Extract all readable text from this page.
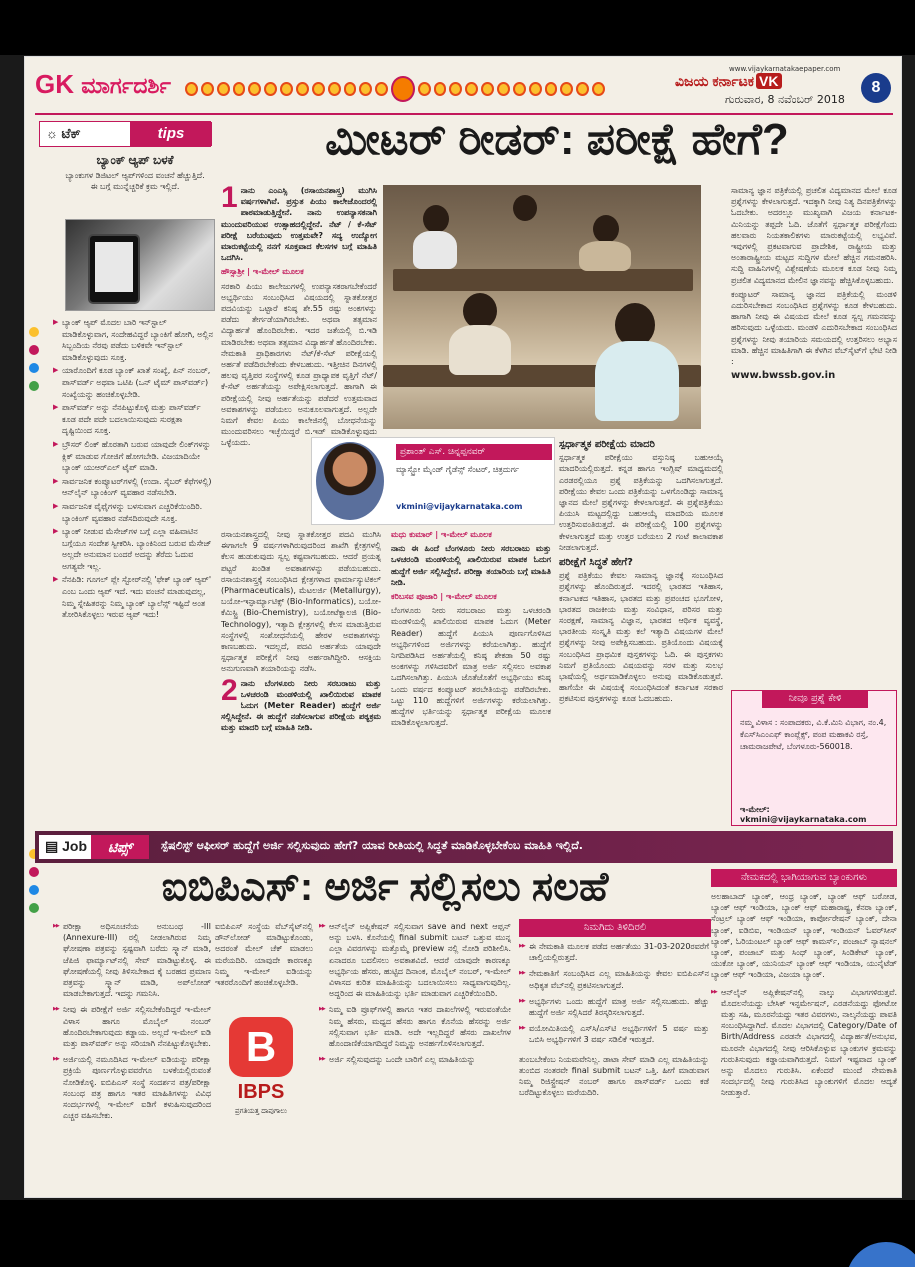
GK ಮಾರ್ಗದರ್ಶಿ
www.vijaykarnatakaepaper.com
ವಿಜಯ ಕರ್ನಾಟಕ VK
ಗುರುವಾರ, 8 ನವೆಂಬರ್ 2018
8
☼ ಟೆಕ್	tips
ಬ್ಯಾಂಕ್ ಆ್ಯಪ್ ಬಳಕೆ
ಬ್ಯಾಂಕುಗಳ ಡಿಜಿಟಲ್ ಆ್ಯಪ್‌ಗಳಿಂದ ವಂಚನೆ ಹೆಚ್ಚುತ್ತಿದೆ. ಈ ಬಗ್ಗೆ ಮುನ್ನೆಚ್ಚರಿಕೆ ಕ್ರಮ ಇಲ್ಲಿದೆ.
▶ ಬ್ಯಾಂಕ್ ಆ್ಯಪ್ ಮೊದಲ ಬಾರಿ ಇನ್‌ಸ್ಟಾಲ್ ಮಾಡಿಕೊಳ್ಳುವಾಗ, ಸಂದೇಹವಿದ್ದರೆ ಬ್ಯಾಂಕಿಗೆ ಹೋಗಿ, ಅಲ್ಲಿನ ಸಿಬ್ಬಂದಿಯ ನೆರವು ಪಡೆದು ಬಳಿಕವೇ ಇನ್‌ಸ್ಟಾಲ್ ಮಾಡಿಕೊಳ್ಳುವುದು ಸೂಕ್ತ.
▶ ಯಾರೊಂದಿಗೆ ಕೂಡ ಬ್ಯಾಂಕ್ ಖಾತೆ ಸಂಖ್ಯೆ, ಪಿನ್ ನಂಬರ್, ಪಾಸ್‌ವರ್ಡ್ ಅಥವಾ ಒಟಿಪಿ (ಒನ್ ಟೈಮ್ ಪಾಸ್‌ವರ್ಡ್) ಸಂಖ್ಯೆಯನ್ನು ಹಂಚಿಕೊಳ್ಳಬೇಡಿ.
▶ ಪಾಸ್‌ವರ್ಡ್ ಅನ್ನು ನೆನಪಿಟ್ಟುಕೊಳ್ಳಿ ಮತ್ತು ಪಾಸ್‌ವರ್ಡ್ ಕೂಡ ಪದೇ ಪದೇ ಬದಲಾಯಿಸುವುದು ಸುರಕ್ಷತಾ ದೃಷ್ಟಿಯಿಂದ ಸೂಕ್ತ.
▶ ಬ್ರೌಸರ್ ಲಿಂಕ್ ಹೊರತಾಗಿ ಬರುವ ಯಾವುದೇ ಲಿಂಕ್‌ಗಳನ್ನು ಕ್ಲಿಕ್ ಮಾಡುವ ಗೋಜಿಗೆ ಹೋಗಬೇಡಿ. ವಿಜಯಾದಿಯೇ ಬ್ಯಾಂಕ್ ಯುಆರ್‌ಎಲ್ ಟೈಪ್ ಮಾಡಿ.
▶ ಸಾರ್ವಜನಿಕ ಕಂಪ್ಯೂಟರ್‌ಗಳಲ್ಲಿ (ಉದಾ. ಸೈಬರ್ ಕೆಫೆಗಳಲ್ಲಿ) ಆನ್‌ಲೈನ್ ಬ್ಯಾಂಕಿಂಗ್ ವ್ಯವಹಾರ ನಡೆಸಬೇಡಿ.
▶ ಸಾರ್ವಜನಿಕ ವೈಫೈಗಳನ್ನು ಬಳಸುವಾಗ ಎಚ್ಚರಿಕೆಯಿಂದಿರಿ. ಬ್ಯಾಂಕಿಂಗ್ ವ್ಯವಹಾರ ನಡೆಸದಿರುವುದೇ ಸೂಕ್ತ.
▶ ಬ್ಯಾಂಕ್ ನೀಡುವ ಮೆಸೇಜ್‌ಗಳ ಬಗ್ಗೆ ಎಲ್ಲಾ ವಹಿವಾಟಿನ ಬಗ್ಗೆಯೂ ಸಂದೇಶ ಸ್ವೀಕರಿಸಿ. ಬ್ಯಾಂಕಿನಿಂದ ಬರುವ ಮೆಸೇಜ್ ಅಲ್ಲದೇ ಅನುಮಾನ ಬಂದರೆ ಅದನ್ನು ತೆರೆದು ಓದುವ ಅಗತ್ಯವೇ ಇಲ್ಲ.
▶ ನೆನಪಿಡಿ: ಗೂಗಲ್ ಪ್ಲೇ ಸ್ಟೋರ್‌ನಲ್ಲಿ 'ಫೇಕ್ ಬ್ಯಾಂಕ್ ಆ್ಯಪ್' ಎಂಬ ಒಂದು ಆ್ಯಪ್ ಇದೆ. ಇದು ವಂಚನೆ ಮಾಡುವುದಲ್ಲ, ನಿಮ್ಮ ಸ್ನೇಹಿತರನ್ನು ನಿಮ್ಮ ಬ್ಯಾಂಕ್ ಬ್ಯಾಲೆನ್ಸ್ ಇಷ್ಟಿದೆ ಅಂತ ತೋರಿಸಿಕೊಳ್ಳಲು ಇರುವ ಆ್ಯಪ್ ಇದು!
ಮೀಟರ್ ರೀಡರ್: ಪರೀಕ್ಷೆ ಹೇಗೆ?

1 ನಾನು ಎಂಎಸ್ಸಿ (ರಸಾಯನಶಾಸ್ತ್ರ) ಮುಗಿಸಿ ವರ್ಷಗಳಾಗಿವೆ. ಪ್ರಸ್ತುತ ಪಿಯು ಕಾಲೇಜೊಂದರಲ್ಲಿ ಪಾಠಮಾಡುತ್ತಿದ್ದೇನೆ. ನಾನು ಉಪನ್ಯಾಸಕನಾಗಿ ಮುಂದುವರಿಯುವ ಉತ್ಸಾಹದಲ್ಲಿದ್ದೇನೆ. ನೆಟ್ / ಕೆ-ಸೆಟ್ ಪರೀಕ್ಷೆ ಬರೆಯುವುದು ಉತ್ತಮವೇ? ಸದ್ಯ ಉದ್ಯೋಗ ಮಾರುಕಟ್ಟೆಯಲ್ಲಿ ನನಗೆ ಸೂಕ್ತವಾದ ಕೆಲಸಗಳ ಬಗ್ಗೆ ಮಾಹಿತಿ ಒದಗಿಸಿ.

ಹೌಸ್ಸಾಶ್ರೀ | ಇ-ಮೇಲ್ ಮೂಲಕ

ಸರಕಾರಿ ಪಿಯು ಕಾಲೇಜುಗಳಲ್ಲಿ ಉಪನ್ಯಾಸಕರಾಗಬೇಕೆಂದರೆ ಅಭ್ಯರ್ಥಿಯು ಸಂಬಂಧಿಸಿದ ವಿಷಯದಲ್ಲಿ ಸ್ನಾತಕೋತ್ತರ ಪದವಿಯನ್ನು ಒಟ್ಟಾರೆ ಕನಿಷ್ಠ ಶೇ.55 ರಷ್ಟು ಅಂಕಗಳನ್ನು ಪಡೆದು ತೇರ್ಗಡೆಯಾಗಿರಬೇಕು. ಅಥವಾ ತತ್ಸಮಾನ ವಿದ್ಯಾರ್ಹತೆ ಹೊಂದಿರಬೇಕು. ಇದರ ಜತೆಯಲ್ಲಿ ಬಿ.ಇಡಿ ಮಾಡಿರಬೇಕು ಅಥವಾ ತತ್ಸಮಾನ ವಿದ್ಯಾರ್ಹತೆ ಹೊಂದಿರಬೇಕು. ನೇಮಕಾತಿ ಪ್ರಾಧಿಕಾರಗಳು ನೆಟ್/ಕೆ-ಸೆಟ್ ಪರೀಕ್ಷೆಯಲ್ಲಿ ಅರ್ಹತೆ ಪಡೆದಿರಬೇಕೆಂದು ಕೇಳಬಹುದು. ಇತ್ತೀಚಿನ ದಿನಗಳಲ್ಲಿ ಹಲವು ವೃತ್ತಿಪರ ಸಂಸ್ಥೆಗಳಲ್ಲಿ ಕೂಡ ಪ್ರಾಧ್ಯಾಪಕ ವೃತ್ತಿಗೆ ನೆಟ್/ಕೆ-ಸೆಟ್ ಅರ್ಹತೆಯನ್ನು ಅಪೇಕ್ಷಿಸಲಾಗುತ್ತದೆ. ಹಾಗಾಗಿ ಈ ಪರೀಕ್ಷೆಯಲ್ಲಿ ನೀವು ಅರ್ಹತೆಯನ್ನು ಪಡೆದರೆ ಉತ್ತಮವಾದ ಅವಕಾಶಗಳನ್ನು ಪಡೆಯಲು ಅನುಕೂಲವಾಗುತ್ತದೆ. ಅಲ್ಲದೇ ನಿಮಗೆ ಕೇವಲ ಪಿಯು ಕಾಲೇಜಿನಲ್ಲಿ ಬೋಧನೆಯನ್ನು ಮುಂದುವರಿಸಲು ಇಚ್ಛೆಯಿದ್ದರೆ ಬಿ.ಇಡ್ ಮಾಡಿಕೊಳ್ಳುವುದು ಒಳ್ಳೆಯದು.

ಪ್ರಶಾಂತ್ ಎಸ್. ಚಿನ್ನಪ್ಪನವರ್
ಮ್ಯಾಸ್ಟ್ರೋ ಮೈಂಡ್ ಗೈಡೆನ್ಸ್ ಸೆಂಟರ್, ಚಿತ್ರದುರ್ಗ
vkmini@vijaykarnataka.com

ರಸಾಯನಶಾಸ್ತ್ರದಲ್ಲಿ ನೀವು ಸ್ನಾತಕೋತ್ತರ ಪದವಿ ಮುಗಿಸಿ ಈಗಾಗಲೇ 9 ವರ್ಷಗಳಾಗಿರುವುದರಿಂದ ಶಾಖೆಗಿ ಕ್ಷೇತ್ರಗಳಲ್ಲಿ ಕೆಲಸ ಹುಡುಕುವುದು ಸ್ವಲ್ಪ ಕಷ್ಟವಾಗಬಹುದು. ಆದರೆ ಪ್ರಯತ್ನ ಪಟ್ಟರೆ ಖಂಡಿತ ಅವಕಾಶಗಳನ್ನು ಪಡೆಯಬಹುದು. ರಸಾಯನಶಾಸ್ತ್ರಕ್ಕೆ ಸಂಬಂಧಿಸಿದ ಕ್ಷೇತ್ರಗಳಾದ ಫಾರ್ಮಾಸ್ಯುಟಿಕಲ್ (Pharmaceuticals), ಮೆಟಲರ್ಜಿ (Metallurgy), ಬಯೋ-ಇನ್ಫಾರ್ಮ್ಯಾಟಿಕ್ಸ್ (Bio-Informatics), ಬಯೋ-ಕೆಮಿಸ್ಟ್ರಿ (Bio-Chemistry), ಬಯೋಟೆಕ್ನಾಲಜಿ (Bio-Technology), ಇತ್ಯಾದಿ ಕ್ಷೇತ್ರಗಳಲ್ಲಿ ಕೆಲಸ ಮಾಡುತ್ತಿರುವ ಸಂಸ್ಥೆಗಳಲ್ಲಿ ಸಂಶೋಧನೆಯಲ್ಲಿ ಹೇರಳ ಅವಕಾಶಗಳನ್ನು ಕಾಣಬಹುದು. ಇದಲ್ಲದೆ, ಪದವಿ ಅರ್ಹತೆಯ ಯಾವುದೇ ಸ್ಪರ್ಧಾತ್ಮಕ ಪರೀಕ್ಷೆಗೆ ನೀವು ಅರ್ಹರಾಗಿದ್ದೀರಿ. ಆಸಕ್ತಿಯ ಅನುಗುಣವಾಗಿ ತಯಾರಿಯನ್ನು ನಡೆಸಿ.

2 ನಾನು ಬೆಂಗಳೂರು ನೀರು ಸರಬರಾಜು ಮತ್ತು ಒಳಚರಂಡಿ ಮಂಡಳಿಯಲ್ಲಿ ಖಾಲಿಯಿರುವ ಮಾಪಕ ಓದುಗ (Meter Reader) ಹುದ್ದೆಗೆ ಅರ್ಜಿ ಸಲ್ಲಿಸಿದ್ದೇನೆ. ಈ ಹುದ್ದೆಗೆ ನಡೆಸಲಾಗುವ ಪರೀಕ್ಷೆಯ ಪಠ್ಯಕ್ರಮ ಮತ್ತು ಮಾದರಿ ಬಗ್ಗೆ ಮಾಹಿತಿ ನೀಡಿ.

ಮಧು ಕುಮಾರ್ | ಇ-ಮೇಲ್ ಮೂಲಕ

ನಾನು ಈ ಹಿಂದೆ ಬೆಂಗಳೂರು ನೀರು ಸರಬರಾಜು ಮತ್ತು ಒಳಚರಂಡಿ ಮಂಡಳಿಯಲ್ಲಿ ಖಾಲಿಯಿರುವ ಮಾಪಕ ಓದುಗ ಹುದ್ದೆಗೆ ಅರ್ಜಿ ಸಲ್ಲಿಸಿದ್ದೇನೆ. ಪರೀಕ್ಷಾ ತಯಾರಿಯ ಬಗ್ಗೆ ಮಾಹಿತಿ ನೀಡಿ.

ಕರಿಬಸವ ಪೂಜಾರಿ | ಇ-ಮೇಲ್ ಮೂಲಕ

ಬೆಂಗಳೂರು ನೀರು ಸರಬರಾಜು ಮತ್ತು ಒಳಚರಂಡಿ ಮಂಡಳಿಯಲ್ಲಿ ಖಾಲಿಯಿರುವ ಮಾಪಕ ಓದುಗ (Meter Reader) ಹುದ್ದೆಗೆ ಪಿಯುಸಿ ಪೂರ್ಣಗೊಳಿಸಿದ ಅಭ್ಯರ್ಥಿಗಳಿಂದ ಅರ್ಜಿಗಳನ್ನು ಕರೆಯಲಾಗಿತ್ತು. ಹುದ್ದೆಗೆ ನಿಗದಿಪಡಿಸಿದ ಅರ್ಹತೆಯಲ್ಲಿ ಕನಿಷ್ಠ ಶೇಕಡಾ 50 ರಷ್ಟು ಅಂಕಗಳನ್ನು ಗಳಿಸಿದವರಿಗೆ ಮಾತ್ರ ಅರ್ಜಿ ಸಲ್ಲಿಸಲು ಅವಕಾಶ ಒದಗಿಸಲಾಗಿತ್ತು. ಪಿಯುಸಿ ಜೊತೆಜೊತೆಗೆ ಅಭ್ಯರ್ಥಿಯು ಕನಿಷ್ಠ ಒಂದು ವರ್ಷದ ಕಂಪ್ಯೂಟರ್ ತರಬೇತಿಯನ್ನು ಪಡೆದಿರಬೇಕು. ಒಟ್ಟು 110 ಹುದ್ದೆಗಳಿಗೆ ಅರ್ಜಿಗಳನ್ನು ಕರೆಯಲಾಗಿತ್ತು. ಹುದ್ದೆಗಳ ಭರ್ತಿಯನ್ನು ಸ್ಪರ್ಧಾತ್ಮಕ ಪರೀಕ್ಷೆಯ ಮೂಲಕ ಮಾಡಿಕೊಳ್ಳಲಾಗುತ್ತದೆ.

ಸ್ಪರ್ಧಾತ್ಮಕ ಪರೀಕ್ಷೆಯ ಮಾದರಿ

ಸ್ಪರ್ಧಾತ್ಮಕ ಪರೀಕ್ಷೆಯು ವಸ್ತುನಿಷ್ಠ ಬಹುಆಯ್ಕೆ ಮಾದರಿಯಲ್ಲಿರುತ್ತದೆ. ಕನ್ನಡ ಹಾಗೂ ಇಂಗ್ಲಿಷ್ ಮಾಧ್ಯಮದಲ್ಲಿ ಎರಡರಲ್ಲಿಯೂ ಪ್ರಶ್ನೆ ಪತ್ರಿಕೆಯನ್ನು ಒದಗಿಸಲಾಗುತ್ತದೆ. ಪರೀಕ್ಷೆಯು ಕೇವಲ ಒಂದು ಪತ್ರಿಕೆಯನ್ನು ಒಳಗೊಂಡಿದ್ದು ಸಾಮಾನ್ಯ ಜ್ಞಾನದ ಮೇಲೆ ಪ್ರಶ್ನೆಗಳನ್ನು ಕೇಳಲಾಗುತ್ತದೆ. ಈ ಪ್ರಶ್ನೆಪತ್ರಿಕೆಯು ಪಿಯುಸಿ ಮಟ್ಟದಲ್ಲಿದ್ದು ಬಹುಆಯ್ಕೆ ಮಾದರಿಯ ಮೂಲಕ ಉತ್ತರಿಸುವಂತಿರುತ್ತದೆ. ಈ ಪರೀಕ್ಷೆಯಲ್ಲಿ 100 ಪ್ರಶ್ನೆಗಳನ್ನು ಕೇಳಲಾಗುತ್ತದೆ ಮತ್ತು ಉತ್ತರ ಬರೆಯಲು 2 ಗಂಟೆ ಕಾಲಾವಕಾಶ ನೀಡಲಾಗುತ್ತದೆ.

ಪರೀಕ್ಷೆಗೆ ಸಿದ್ಧತೆ ಹೇಗೆ?

ಪ್ರಶ್ನೆ ಪತ್ರಿಕೆಯು ಕೇವಲ ಸಾಮಾನ್ಯ ಜ್ಞಾನಕ್ಕೆ ಸಂಬಂಧಿಸಿದ ಪ್ರಶ್ನೆಗಳನ್ನು ಹೊಂದಿರುತ್ತದೆ. ಇದರಲ್ಲಿ ಭಾರತದ ಇತಿಹಾಸ, ಕರ್ನಾಟಕದ ಇತಿಹಾಸ, ಭಾರತದ ಮತ್ತು ಪ್ರಪಂಚದ ಭೂಗೋಳ, ಭಾರತದ ರಾಜಕೀಯ ಮತ್ತು ಸಂವಿಧಾನ, ಪರಿಸರ ಮತ್ತು ಸಂರಕ್ಷಣೆ, ಸಾಮಾನ್ಯ ವಿಜ್ಞಾನ, ಭಾರತದ ಆರ್ಥಿಕ ವ್ಯವಸ್ಥೆ, ಭಾರತೀಯ ಸಂಸ್ಕೃತಿ ಮತ್ತು ಕಲೆ ಇತ್ಯಾದಿ ವಿಷಯಗಳ ಮೇಲೆ ಪ್ರಶ್ನೆಗಳನ್ನು ನೀವು ಅಪೇಕ್ಷಿಸಬಹುದು. ಪ್ರತಿಯೊಂದು ವಿಷಯಕ್ಕೆ ಸಂಬಂಧಿಸಿದ ಪ್ರಾಥಮಿಕ ಪುಸ್ತಕಗಳನ್ನು ಓದಿ. ಈ ಪುಸ್ತಕಗಳು ನಿಮಗೆ ಪ್ರತಿಯೊಂದು ವಿಷಯವನ್ನು ಸರಳ ಮತ್ತು ಸುಲಭ ಭಾಷೆಯಲ್ಲಿ ಅರ್ಥಮಾಡಿಕೊಳ್ಳಲು ಅನುವು ಮಾಡಿಕೊಡುತ್ತವೆ. ಹಾಗೆಯೇ ಈ ವಿಷಯಕ್ಕೆ ಸಂಬಂಧಿಸಿದಂತೆ ಕರ್ನಾಟಕ ಸರಕಾರ ಪ್ರಕಟಿಸುವ ಪುಸ್ತಕಗಳನ್ನು ಕೂಡ ಓದಬಹುದು.

ಸಾಮಾನ್ಯ ಜ್ಞಾನ ಪತ್ರಿಕೆಯಲ್ಲಿ ಪ್ರಚಲಿತ ವಿದ್ಯಮಾನದ ಮೇಲೆ ಕೂಡ ಪ್ರಶ್ನೆಗಳನ್ನು ಕೇಳಲಾಗುತ್ತದೆ. ಇದಕ್ಕಾಗಿ ನೀವು ನಿತ್ಯ ದಿನಪತ್ರಿಕೆಗಳನ್ನು ಓದಬೇಕು. ಅದರಲ್ಲೂ ಮುಖ್ಯವಾಗಿ ವಿಜಯ ಕರ್ನಾಟಕ-ಮಿನಿಯನ್ನು ತಪ್ಪದೇ ಓದಿ. ಜೊತೆಗೆ ಸ್ಪರ್ಧಾತ್ಮಕ ಪರೀಕ್ಷೆಗೆಂದು ಹಲವಾರು ನಿಯತಕಾಲಿಕಗಳು ಮಾರುಕಟ್ಟೆಯಲ್ಲಿ ಲಭ್ಯವಿವೆ. ಇವುಗಳಲ್ಲಿ ಪ್ರಕಟವಾಗುವ ಪ್ರಾದೇಶಿಕ, ರಾಷ್ಟ್ರೀಯ ಮತ್ತು ಅಂತಾರಾಷ್ಟ್ರೀಯ ಮಟ್ಟದ ಸುದ್ದಿಗಳ ಮೇಲೆ ಹೆಚ್ಚಿನ ಗಮನಹರಿಸಿ. ಸುದ್ದಿ ವಾಹಿನಿಗಳಲ್ಲಿ ವಿಶ್ಲೇಷಣೆಯ ಮೂಲಕ ಕೂಡ ನೀವು ನಿಮ್ಮ ಪ್ರಚಲಿತ ವಿದ್ಯಮಾನದ ಮೇಲಿನ ಜ್ಞಾನವನ್ನು ಹೆಚ್ಚಿಸಿಕೊಳ್ಳಬಹುದು.

ಕಂಪ್ಯೂಟರ್ ಸಾಮಾನ್ಯ ಜ್ಞಾನದ ಪತ್ರಿಕೆಯಲ್ಲಿ ಮಂಡಳಿ ಎದುರಿಸಬೇಕಾದ ಸಂಬಂಧಿಸಿದ ಪ್ರಶ್ನೆಗಳನ್ನು ಕೂಡ ಕೇಳಬಹುದು. ಹಾಗಾಗಿ ನೀವು ಈ ವಿಷಯದ ಮೇಲೆ ಕೂಡ ಸ್ವಲ್ಪ ಗಮನವನ್ನು ಹರಿಸುವುದು ಒಳ್ಳೆಯದು. ಮಂಡಳಿ ಎದುರಿಸಬೇಕಾದ ಸಂಬಂಧಿಸಿದ ಪ್ರಶ್ನೆಗಳನ್ನು ನೀವು ತಯಾರಿಯ ಸಮಯದಲ್ಲಿ ಉತ್ತರಿಸಲು ಅಭ್ಯಾಸ ಮಾಡಿ. ಹೆಚ್ಚಿನ ಮಾಹಿತಿಗಾಗಿ ಈ ಕೆಳಗಿನ ವೆಬ್‌ಸೈಟ್‌ಗೆ ಭೇಟಿ ನೀಡಿ :

www.bwssb.gov.in

ನೀವೂ ಪ್ರಶ್ನೆ ಕೇಳಿ
ನಮ್ಮ ವಿಳಾಸ : ಸಂಪಾದಕರು, ವಿ.ಕೆ.ಮಿನಿ ವಿಭಾಗ, ನಂ.4, ಕೆಎಸ್‌ಸಿಎಂಎಫ್ ಕಾಂಪ್ಲೆಕ್ಸ್, ಪಂಪ ಮಹಾಕವಿ ರಸ್ತೆ, ಚಾಮರಾಜಪೇಟೆ, ಬೆಂಗಳೂರು-560018.
ಇ-ಮೇಲ್: vkmini@vijaykarnataka.com
▤ Job	ಟಿಪ್ಸ್	ಸ್ಪೆಷಲಿಸ್ಟ್ ಆಫೀಸರ್ ಹುದ್ದೆಗೆ ಅರ್ಜಿ ಸಲ್ಲಿಸುವುದು ಹೇಗೆ? ಯಾವ ರೀತಿಯಲ್ಲಿ ಸಿದ್ಧತೆ ಮಾಡಿಕೊಳ್ಳಬೇಕೆಂಬ ಮಾಹಿತಿ ಇಲ್ಲಿದೆ.
ಐಬಿಪಿಎಸ್: ಅರ್ಜಿ ಸಲ್ಲಿಸಲು ಸಲಹೆ
▶▶ ಪರೀಕ್ಷಾ ಅಧಿಸೂಚನೆಯ ಅನುಬಂಧ -III (Annexure-III) ರಲ್ಲಿ ನೀಡಲಾಗಿರುವ ನಿಮ್ಮ ಘೋಷಣಾ ಪತ್ರವನ್ನು ಸ್ಪಷ್ಟವಾಗಿ ಬರೆದು ಸ್ಕ್ಯಾನ್ ಮಾಡಿ, ಜೆಪಿಜಿ ಫಾರ್ಮ್ಯಾಟ್‌ನಲ್ಲಿ ಸೇವ್ ಮಾಡಿಟ್ಟುಕೊಳ್ಳಿ. ಈ ಘೋಷಣೆಯಲ್ಲಿ ನೀವು ತಿಳಿಸಬೇಕಾದ ಕೈ ಬರಹದ ಪ್ರಮಾಣ ಪತ್ರವನ್ನು ಸ್ಕ್ಯಾನ್ ಮಾಡಿ, ಅಪ್‌ಲೋಡ್ ಮಾಡಬೇಕಾಗುತ್ತದೆ. ಇದನ್ನು ಗಮನಿಸಿ.
▶▶ ನೀವು ಈ ಪರೀಕ್ಷೆಗೆ ಅರ್ಜಿ ಸಲ್ಲಿಸಬೇಕೆಂದಿದ್ದರೆ ಇ-ಮೇಲ್ ವಿಳಾಸ ಹಾಗೂ ಮೊಬೈಲ್ ನಂಬರ್ ಹೊಂದಿರಬೇಕಾಗುವುದು ಕಡ್ಡಾಯ. ಅಲ್ಲದೆ ಇ-ಮೇಲ್ ಐಡಿ ಮತ್ತು ಪಾಸ್‌ವರ್ಡ್ ಅನ್ನು ಸರಿಯಾಗಿ ನೆನಪಿಟ್ಟುಕೊಳ್ಳಬೇಕು.
▶▶ ಅರ್ಜಿಯಲ್ಲಿ ನಮೂದಿಸಿದ ಇ-ಮೇಲ್ ಐಡಿಯನ್ನು ಪರೀಕ್ಷಾ ಪ್ರಕ್ರಿಯೆ ಪೂರ್ಣಗೊಳ್ಳುವವರೆಗೂ ಬಳಕೆಯಲ್ಲಿರುವಂತೆ ನೋಡಿಕೊಳ್ಳಿ. ಐಬಿಪಿಎಸ್ ಸಂಸ್ಥೆ ಸಂದರ್ಶನ ಪತ್ರ/ಪರೀಕ್ಷಾ ಸಂಬಂಧ ಪತ್ರ ಹಾಗೂ ಇತರ ಮಾಹಿತಿಗಳನ್ನು ವಿವಿಧ ಸಂದರ್ಭಗಳಲ್ಲಿ ಇ-ಮೇಲ್ ಐಡಿಗೆ ಕಳುಹಿಸುವುದರಿಂದ ಎಚ್ಚರ ವಹಿಸಬೇಕು.
B
IBPS
ಪ್ರಗತಿಯತ್ತ ದಾಪುಗಾಲು

ಐಬಿಪಿಎಸ್ ಸಂಸ್ಥೆಯ ವೆಬ್‌ಸೈಟ್‌ನಲ್ಲಿ ಡೌನ್‌ಲೋಡ್ ಮಾಡಿಟ್ಟುಕೊಂಡು, ಅದರಂತೆ ಮೇಲ್ ಚೆಕ್ ಮಾಡಲು ಮರೆಯದಿರಿ. ಯಾವುದೇ ಕಾರಣಕ್ಕೂ ನಿಮ್ಮ ಇ-ಮೇಲ್ ಐಡಿಯನ್ನು ಇತರರೊಂದಿಗೆ ಹಂಚಿಕೊಳ್ಳಬೇಡಿ.

▶▶ ಆನ್‌ಲೈನ್ ಅಪ್ಲಿಕೇಷನ್ ಸಲ್ಲಿಸುವಾಗ save and next ಆಪ್ಷನ್ ಅನ್ನು ಬಳಸಿ. ಕೊನೆಯಲ್ಲಿ final submit ಬಟನ್ ಒತ್ತುವ ಮುನ್ನ ಎಲ್ಲಾ ವಿವರಗಳನ್ನು ಮತ್ತೊಮ್ಮೆ preview ನಲ್ಲಿ ನೋಡಿ ಪರಿಶೀಲಿಸಿ. ಏನಾದರೂ ಬದಲಿಸಲು ಅವಕಾಶವಿದೆ. ಆದರೆ ಯಾವುದೇ ಕಾರಣಕ್ಕೂ ಅಭ್ಯರ್ಥಿಯ ಹೆಸರು, ಹುಟ್ಟಿದ ದಿನಾಂಕ, ಮೊಬೈಲ್ ನಂಬರ್, ಇ-ಮೇಲ್ ವಿಳಾಸದ ಕುರಿತ ಮಾಹಿತಿಯನ್ನು ಬದಲಾಯಿಸಲು ಸಾಧ್ಯವಾಗುವುದಿಲ್ಲ. ಅದ್ದರಿಂದ ಈ ಮಾಹಿತಿಯನ್ನು ಭರ್ತಿ ಮಾಡುವಾಗ ಎಚ್ಚರಿಕೆಯಿಂದಿರಿ.
▶▶ ನಿಮ್ಮ ಐಡಿ ಪ್ರೂಫ್‌ಗಳಲ್ಲಿ ಹಾಗೂ ಇತರ ದಾಖಲೆಗಳಲ್ಲಿ ಇರುವಂತೆಯೇ ನಿಮ್ಮ ಹೆಸರು, ಮಧ್ಯದ ಹೆಸರು ಹಾಗೂ ಕೊನೆಯ ಹೆಸರನ್ನು ಅರ್ಜಿ ಸಲ್ಲಿಸುವಾಗ ಭರ್ತಿ ಮಾಡಿ. ಅದೇ ಇಲ್ಲದಿದ್ದರೆ ಹೆಸರು ದಾಖಲೆಗಳ ಹೊಂದಾಣಿಕೆಯಾಗದಿದ್ದರೆ ನಿಮ್ಮನ್ನು ಅನರ್ಹಗೊಳಿಸಲಾಗುತ್ತದೆ.
▶▶ ಅರ್ಜಿ ಸಲ್ಲಿಸುವುದನ್ನು ಒಂದೇ ಬಾರಿಗೆ ಎಲ್ಲ ಮಾಹಿತಿಯನ್ನು
ನಿಮಗಿದು ತಿಳಿದಿರಲಿ
▶▶ ಈ ನೇಮಕಾತಿ ಮೂಲಕ ಪಡೆದ ಅರ್ಹತೆಯು 31-03-2020ರವರೆಗೆ ಚಾಲ್ತಿಯಲ್ಲಿರುತ್ತದೆ.
▶▶ ನೇಮಕಾತಿಗೆ ಸಂಬಂಧಿಸಿದ ಎಲ್ಲ ಮಾಹಿತಿಯನ್ನು ಕೇವಲ ಐಬಿಪಿಎಸ್‌ನ ಅಧಿಕೃತ ವೆಬ್‌ನಲ್ಲಿ ಪ್ರಕಟಿಸಲಾಗುತ್ತದೆ.
▶▶ ಅಭ್ಯರ್ಥಿಗಳು ಒಂದು ಹುದ್ದೆಗೆ ಮಾತ್ರ ಅರ್ಜಿ ಸಲ್ಲಿಸಬಹುದು. ಹೆಚ್ಚು ಹುದ್ದೆಗೆ ಅರ್ಜಿ ಸಲ್ಲಿಸಿದರೆ ತಿರಸ್ಕರಿಸಲಾಗುತ್ತದೆ.
▶▶ ವಯೋಮಿತಿಯಲ್ಲಿ ಎಸ್‌ಸಿ/ಎಸ್‌ಟಿ ಅಭ್ಯರ್ಥಿಗಳಿಗೆ 5 ವರ್ಷ ಮತ್ತು ಒಬಿಸಿ ಅಭ್ಯರ್ಥಿಗಳಿಗೆ 3 ವರ್ಷ ಸಡಿಲಿಕೆ ಇರುತ್ತದೆ.

ತುಂಬಬೇಕೆಂಬ ನಿಯಮವೇನಿಲ್ಲ. ಡಾಟಾ ಸೇವ್ ಮಾಡಿ ಎಲ್ಲ ಮಾಹಿತಿಯನ್ನು ತುಂಬಿದ ನಂತರವೇ final submit ಬಟನ್ ಒತ್ತಿ. ಹೀಗೆ ಮಾಡುವಾಗ ನಿಮ್ಮ ರಿಜಿಸ್ಟ್ರೇಷನ್ ನಂಬರ್ ಹಾಗೂ ಪಾಸ್‌ವರ್ಡ್ ಒಂದು ಕಡೆ ಬರೆದಿಟ್ಟುಕೊಳ್ಳಲು ಮರೆಯದಿರಿ.

ನೇಮಕದಲ್ಲಿ ಭಾಗಿಯಾಗುವ ಬ್ಯಾಂಕುಗಳು

ಅಲಹಾಬಾದ್ ಬ್ಯಾಂಕ್, ಆಂಧ್ರ ಬ್ಯಾಂಕ್, ಬ್ಯಾಂಕ್ ಆಫ್ ಬರೋಡ, ಬ್ಯಾಂಕ್ ಆಫ್ ಇಂಡಿಯಾ, ಬ್ಯಾಂಕ್ ಆಫ್ ಮಹಾರಾಷ್ಟ್ರ, ಕೆನರಾ ಬ್ಯಾಂಕ್, ಸೆಂಟ್ರಲ್ ಬ್ಯಾಂಕ್ ಆಫ್ ಇಂಡಿಯಾ, ಕಾರ್ಪೋರೇಷನ್ ಬ್ಯಾಂಕ್, ದೇನಾ ಬ್ಯಾಂಕ್, ಐಡಿಬಿಐ, ಇಂಡಿಯನ್ ಬ್ಯಾಂಕ್, ಇಂಡಿಯನ್ ಓವರ್‌ಸೀಸ್ ಬ್ಯಾಂಕ್, ಓರಿಯಂಟಲ್ ಬ್ಯಾಂಕ್ ಆಫ್ ಕಾಮರ್ಸ್, ಪಂಜಾಬ್ ನ್ಯಾಷನಲ್ ಬ್ಯಾಂಕ್, ಪಂಜಾಬ್ ಮತ್ತು ಸಿಂಧ್ ಬ್ಯಾಂಕ್, ಸಿಂಡಿಕೇಟ್ ಬ್ಯಾಂಕ್, ಯುಕೋ ಬ್ಯಾಂಕ್, ಯುನಿಯನ್ ಬ್ಯಾಂಕ್ ಆಫ್ ಇಂಡಿಯಾ, ಯುನೈಟೆಡ್ ಬ್ಯಾಂಕ್ ಆಫ್ ಇಂಡಿಯಾ, ವಿಜಯಾ ಬ್ಯಾಂಕ್.

▶▶ ಆನ್‌ಲೈನ್ ಅಪ್ಲಿಕೇಷನ್‌ನಲ್ಲಿ ನಾಲ್ಕು ವಿಭಾಗಗಳಿರುತ್ತವೆ. ಮೊದಲನೆಯದ್ದು ಬೇಸಿಕ್ ಇನ್ಫರ್ಮೇಷನ್, ಎರಡನೆಯದ್ದು ಫೋಟೋ ಮತ್ತು ಸಹಿ, ಮೂರನೆಯದ್ದು ಇತರ ವಿವರಗಳು, ನಾಲ್ಕನೆಯದ್ದು ಪಾವತಿ ಸಂಬಂಧಿಸಿದ್ದಾಗಿದೆ. ಮೊದಲ ವಿಭಾಗದಲ್ಲಿ Category/Date of Birth/Address ಎರಡನೇ ವಿಭಾಗದಲ್ಲಿ ವಿದ್ಯಾರ್ಹತೆ/ಅನುಭವ, ಮೂರನೇ ವಿಭಾಗದಲ್ಲಿ ನೀವು ಆರಿಸಿಕೊಳ್ಳುವ ಬ್ಯಾಂಕುಗಳ ಕ್ರಮವನ್ನು ಗುರುತಿಸುವುದು ಕಡ್ಡಾಯವಾಗಿರುತ್ತದೆ. ನಿಮಗೆ ಇಷ್ಟವಾದ ಬ್ಯಾಂಕ್ ಅನ್ನು ಮೊದಲು ಗುರುತಿಸಿ. ಏಕೆಂದರೆ ಮುಂದೆ ನೇಮಕಾತಿ ಸಂದರ್ಭದಲ್ಲಿ ನೀವು ಗುರುತಿಸಿದ ಬ್ಯಾಂಕುಗಳಿಗೆ ಮೊದಲ ಆದ್ಯತೆ ನೀಡುತ್ತಾರೆ.
